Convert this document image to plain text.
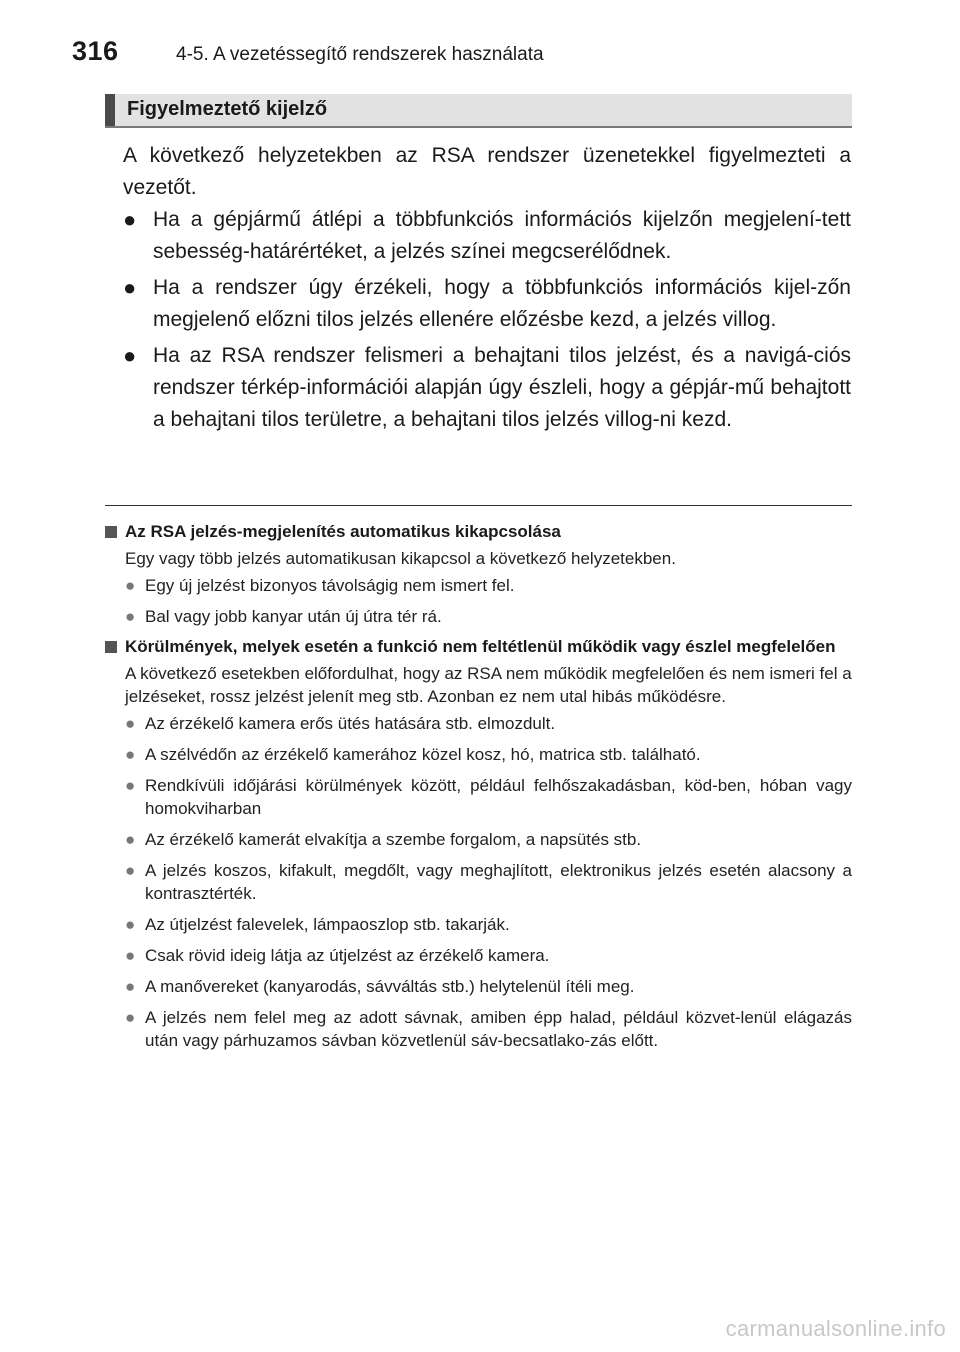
316	4-5. A vezetéssegítő rendszerek használata
Figyelmeztető kijelző
A következő helyzetekben az RSA rendszer üzenetekkel figyelmezteti a vezetőt.
● Ha a gépjármű átlépi a többfunkciós információs kijelzőn megjelení-tett sebesség-határértéket, a jelzés színei megcserélődnek.
● Ha a rendszer úgy érzékeli, hogy a többfunkciós információs kijel-zőn megjelenő előzni tilos jelzés ellenére előzésbe kezd, a jelzés villog.
● Ha az RSA rendszer felismeri a behajtani tilos jelzést, és a navigá-ciós rendszer térkép-információi alapján úgy észleli, hogy a gépjár-mű behajtott a behajtani tilos területre, a behajtani tilos jelzés villog-ni kezd.
Az RSA jelzés-megjelenítés automatikus kikapcsolása
Egy vagy több jelzés automatikusan kikapcsol a következő helyzetekben.
● Egy új jelzést bizonyos távolságig nem ismert fel.
● Bal vagy jobb kanyar után új útra tér rá.
Körülmények, melyek esetén a funkció nem feltétlenül működik vagy észlel megfelelően
A következő esetekben előfordulhat, hogy az RSA nem működik megfelelően és nem ismeri fel a jelzéseket, rossz jelzést jelenít meg stb. Azonban ez nem utal hibás működésre.
● Az érzékelő kamera erős ütés hatására stb. elmozdult.
● A szélvédőn az érzékelő kamerához közel kosz, hó, matrica stb. található.
● Rendkívüli időjárási körülmények között, például felhőszakadásban, köd-ben, hóban vagy homokviharban
● Az érzékelő kamerát elvakítja a szembe forgalom, a napsütés stb.
● A jelzés koszos, kifakult, megdőlt, vagy meghajlított, elektronikus jelzés esetén alacsony a kontrasztérték.
● Az útjelzést falevelek, lámpaoszlop stb. takarják.
● Csak rövid ideig látja az útjelzést az érzékelő kamera.
● A manővereket (kanyarodás, sávváltás stb.) helytelenül ítéli meg.
● A jelzés nem felel meg az adott sávnak, amiben épp halad, például közvet-lenül elágazás után vagy párhuzamos sávban közvetlenül sáv-becsatlako-zás előtt.
carmanualsonline.info
